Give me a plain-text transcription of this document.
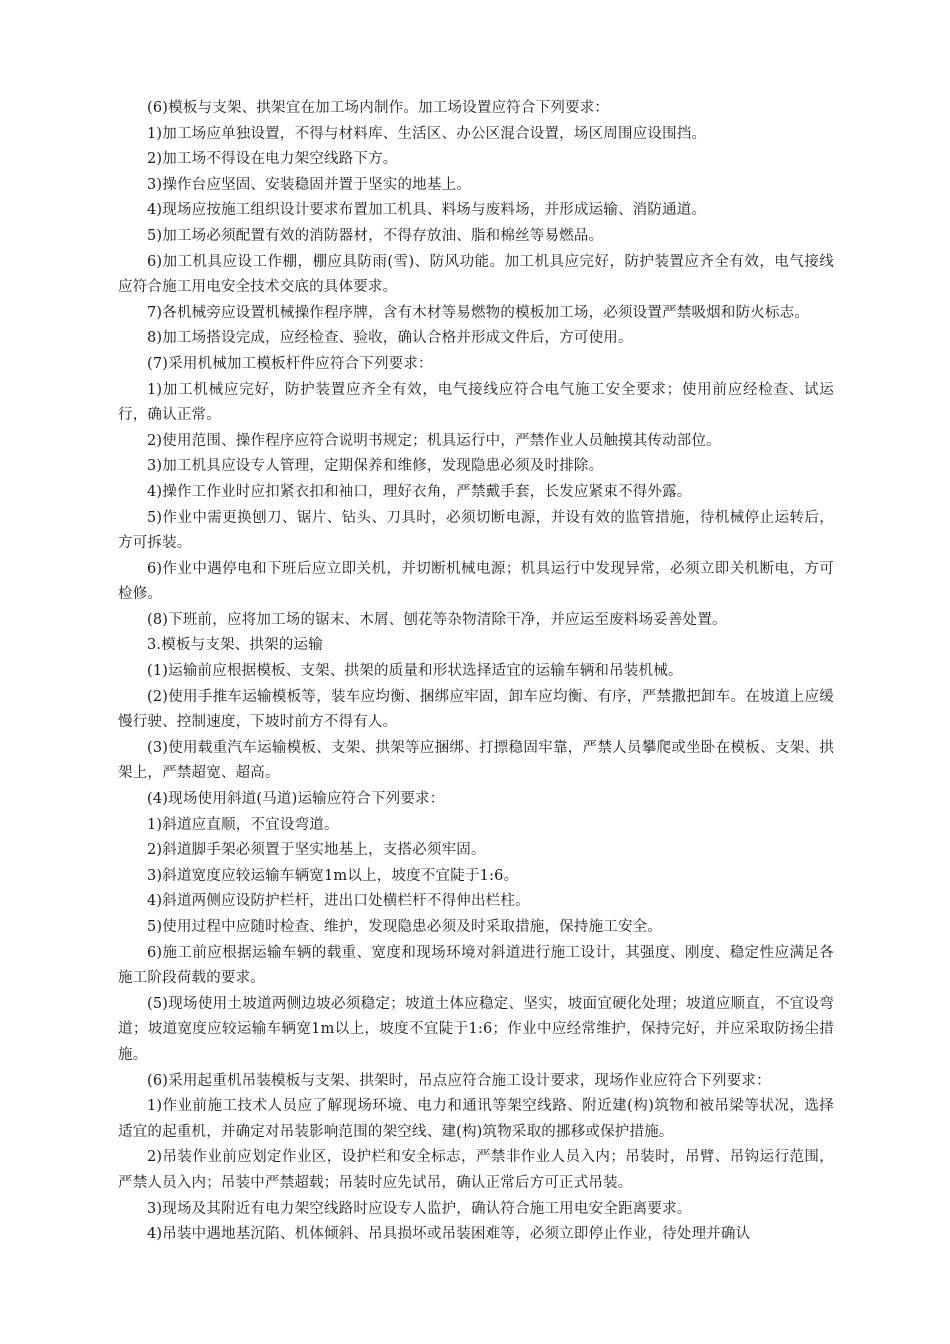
(6)模板与支架、拱架宜在加工场内制作。加工场设置应符合下列要求：

1)加工场应单独设置，不得与材料库、生活区、办公区混合设置，场区周围应设围挡。

2)加工场不得设在电力架空线路下方。

3)操作台应坚固、安装稳固并置于坚实的地基上。

4)现场应按施工组织设计要求布置加工机具、料场与废料场，并形成运输、消防通道。

5)加工场必须配置有效的消防器材，不得存放油、脂和棉丝等易燃品。

6)加工机具应设工作棚，棚应具防雨(雪)、防风功能。加工机具应完好，防护装置应齐全有效，电气接线应符合施工用电安全技术交底的具体要求。

7)各机械旁应设置机械操作程序牌，含有木材等易燃物的模板加工场，必须设置严禁吸烟和防火标志。

8)加工场搭设完成，应经检查、验收，确认合格并形成文件后，方可使用。

(7)采用机械加工模板杆件应符合下列要求：

1)加工机械应完好，防护装置应齐全有效，电气接线应符合电气施工安全要求；使用前应经检查、试运行，确认正常。

2)使用范围、操作程序应符合说明书规定；机具运行中，严禁作业人员触摸其传动部位。

3)加工机具应设专人管理，定期保养和维修，发现隐患必须及时排除。

4)操作工作业时应扣紧衣扣和袖口，理好衣角，严禁戴手套，长发应紧束不得外露。

5)作业中需更换刨刀、锯片、钻头、刀具时，必须切断电源，并设有效的监管措施，待机械停止运转后，方可拆装。

6)作业中遇停电和下班后应立即关机，并切断机械电源；机具运行中发现异常，必须立即关机断电，方可检修。

(8)下班前，应将加工场的锯末、木屑、刨花等杂物清除干净，并应运至废料场妥善处置。

3.模板与支架、拱架的运输

(1)运输前应根据模板、支架、拱架的质量和形状选择适宜的运输车辆和吊装机械。

(2)使用手推车运输模板等，装车应均衡、捆绑应牢固，卸车应均衡、有序，严禁撒把卸车。在坡道上应缓慢行驶、控制速度，下坡时前方不得有人。

(3)使用载重汽车运输模板、支架、拱架等应捆绑、打摽稳固牢靠，严禁人员攀爬或坐卧在模板、支架、拱架上，严禁超宽、超高。

(4)现场使用斜道(马道)运输应符合下列要求：

1)斜道应直顺，不宜设弯道。

2)斜道脚手架必须置于坚实地基上，支搭必须牢固。

3)斜道宽度应较运输车辆宽1m以上，坡度不宜陡于1:6。

4)斜道两侧应设防护栏杆，进出口处横栏杆不得伸出栏柱。

5)使用过程中应随时检查、维护，发现隐患必须及时采取措施，保持施工安全。

6)施工前应根据运输车辆的载重、宽度和现场环境对斜道进行施工设计，其强度、刚度、稳定性应满足各施工阶段荷载的要求。

(5)现场使用土坡道两侧边坡必须稳定；坡道土体应稳定、坚实，坡面宜硬化处理；坡道应顺直，不宜设弯道；坡道宽度应较运输车辆宽1m以上，坡度不宜陡于1:6；作业中应经常维护，保持完好，并应采取防扬尘措施。

(6)采用起重机吊装模板与支架、拱架时，吊点应符合施工设计要求，现场作业应符合下列要求：

1)作业前施工技术人员应了解现场环境、电力和通讯等架空线路、附近建(构)筑物和被吊梁等状况，选择适宜的起重机，并确定对吊装影响范围的架空线、建(构)筑物采取的挪移或保护措施。

2)吊装作业前应划定作业区，设护栏和安全标志，严禁非作业人员入内；吊装时，吊臂、吊钩运行范围，严禁人员入内；吊装中严禁超载；吊装时应先试吊，确认正常后方可正式吊装。

3)现场及其附近有电力架空线路时应设专人监护，确认符合施工用电安全距离要求。

4)吊装中遇地基沉陷、机体倾斜、吊具损坏或吊装困难等，必须立即停止作业，待处理并确认
